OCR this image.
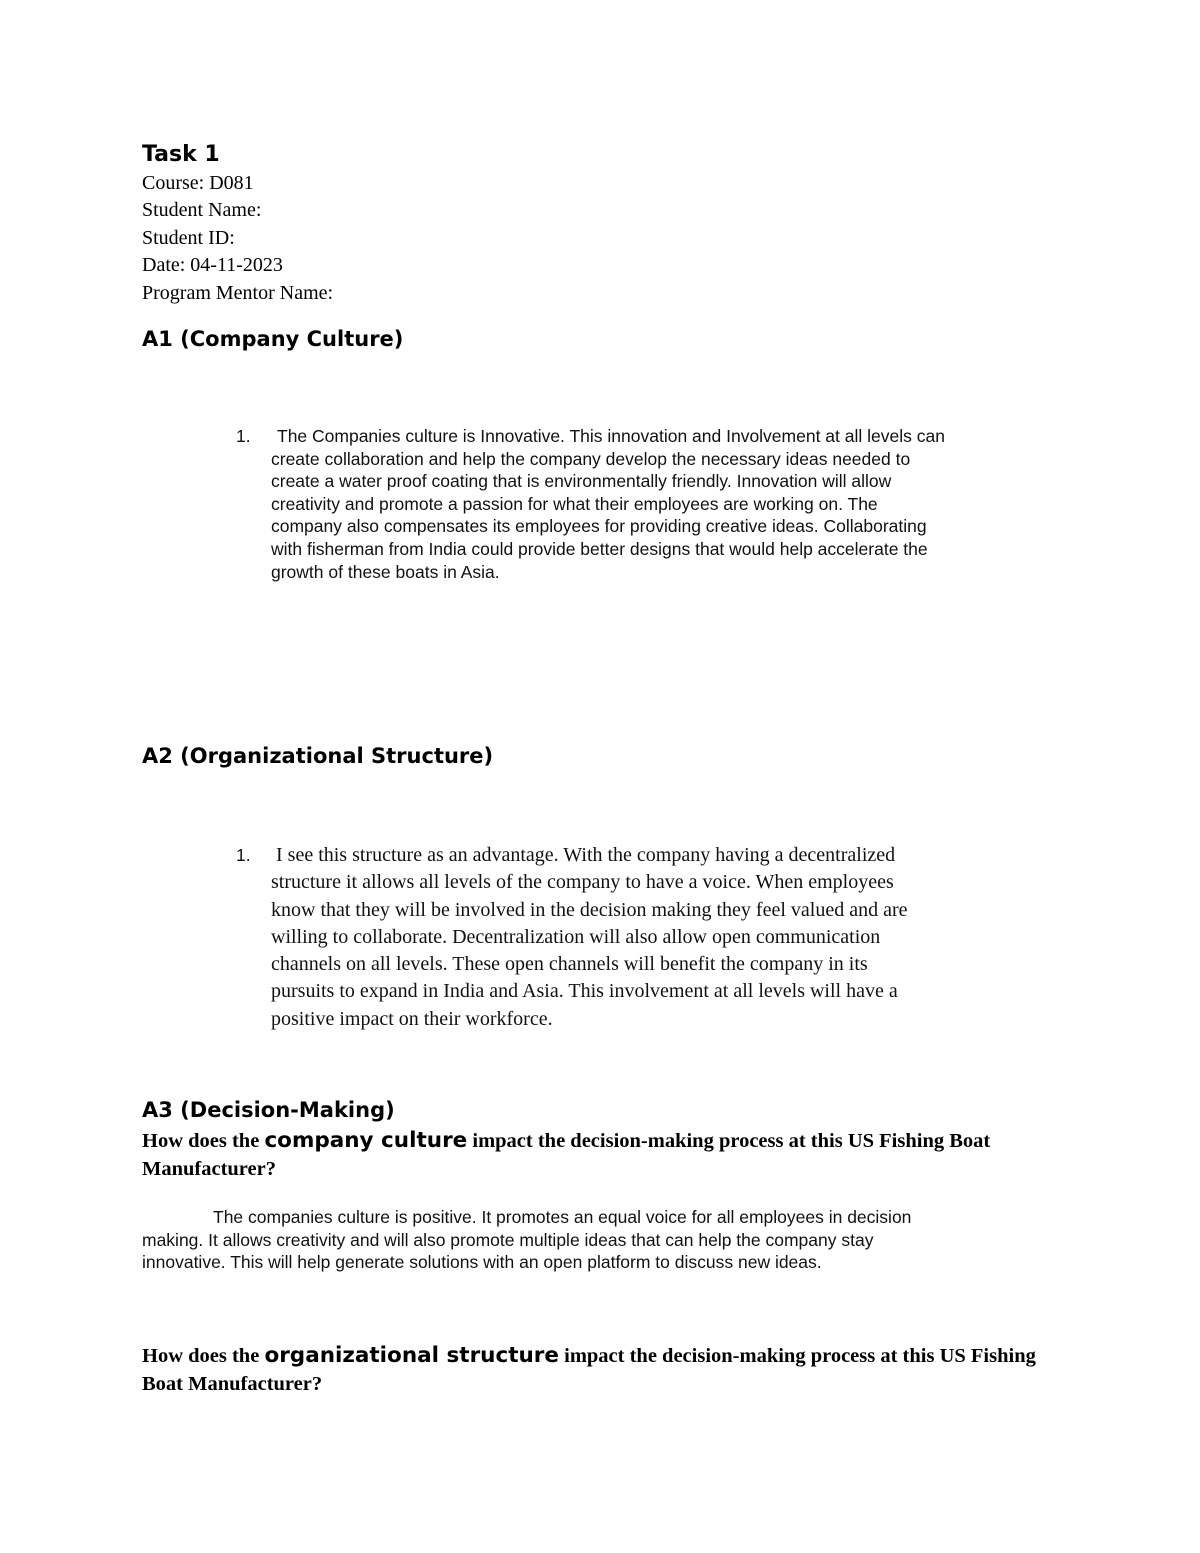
Task 1
Course: D081
Student Name:
Student ID:
Date: 04-11-2023
Program Mentor Name:
A1 (Company Culture)
1.	The Companies culture is Innovative. This innovation and Involvement at all levels can
create collaboration and help the company develop the necessary ideas needed to
create a water proof coating that is environmentally friendly. Innovation will allow
creativity and promote a passion for what their employees are working on. The
company also compensates its employees for providing creative ideas. Collaborating
with fisherman from India could provide better designs that would help accelerate the
growth of these boats in Asia.
A2 (Organizational Structure)
1. I see this structure as an advantage. With the company having a decentralized
structure it allows all levels of the company to have a voice. When employees
know that they will be involved in the decision making they feel valued and are
willing to collaborate. Decentralization will also allow open communication
channels on all levels. These open channels will benefit the company in its
pursuits to expand in India and Asia. This involvement at all levels will have a
positive impact on their workforce.
A3 (Decision-Making)

How does the company culture impact the decision-making process at this US Fishing Boat Manufacturer?

The companies culture is positive. It promotes an equal voice for all employees in decision
making. It allows creativity and will also promote multiple ideas that can help the company stay
innovative. This will help generate solutions with an open platform to discuss new ideas.

How does the organizational structure impact the decision-making process at this US Fishing Boat Manufacturer?
